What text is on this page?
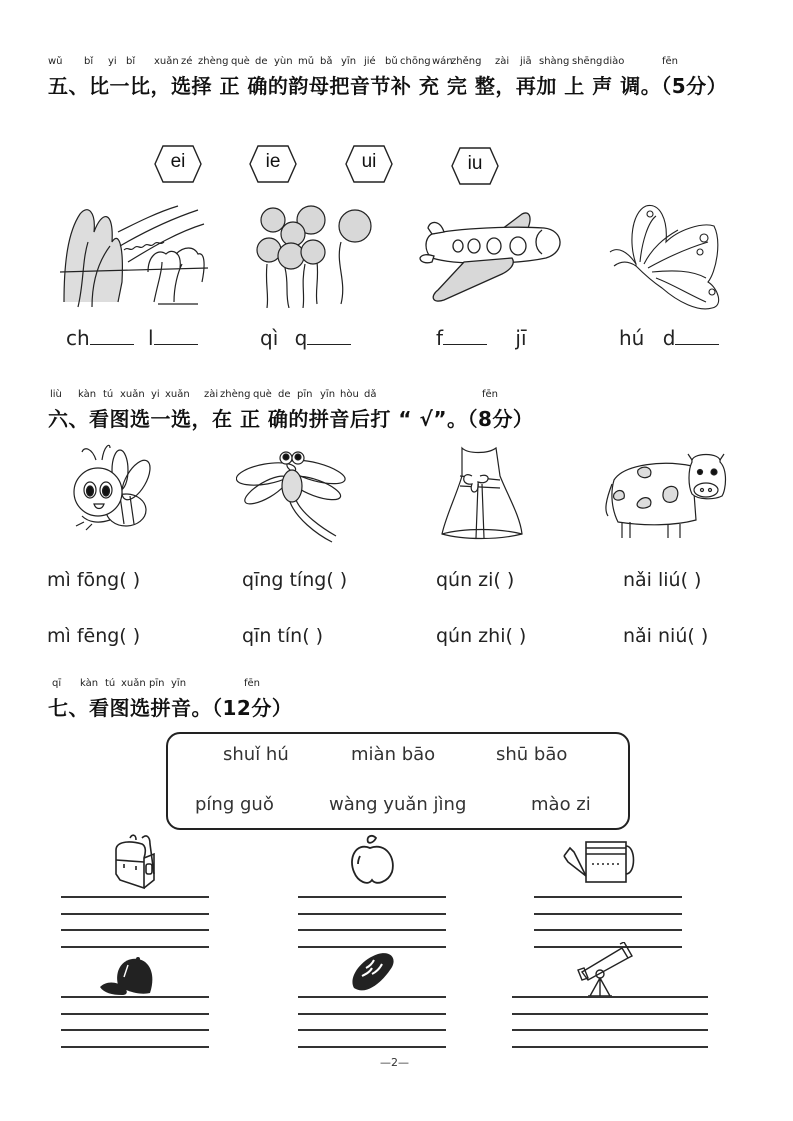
wǔ bǐ yi bǐ xuǎn zé zhèng què de yùn mǔ bǎ yīn jié bǔ chōng wán
zhěng zài jiā shàng shēng diào	fēn
五、比一比，选择 正 确的韵母把音节补 充 完 整，再加 上 声 调。（5分）
ei	ie	ui	iu
ch	l	qì q	f	jī	hú d
liù kàn tú xuǎn yi xuǎn zài zhèng què de pīn yīn hòu dǎ	fēn
六、看图选一选，在 正 确的拼音后打 “ √”。（8分）
mì fōng( )	qīng tíng( )	qún zi( )	nǎi liú( )
mì fēng( )	qīn tín( )	qún zhi( )	nǎi niú( )
qī kàn tú xuǎn pīn yīn	fēn
七、看图选拼音。（12分）
shuǐ hú	miàn bāo	shū bāo
píng guǒ	wàng yuǎn jìng	mào zi
—2—
